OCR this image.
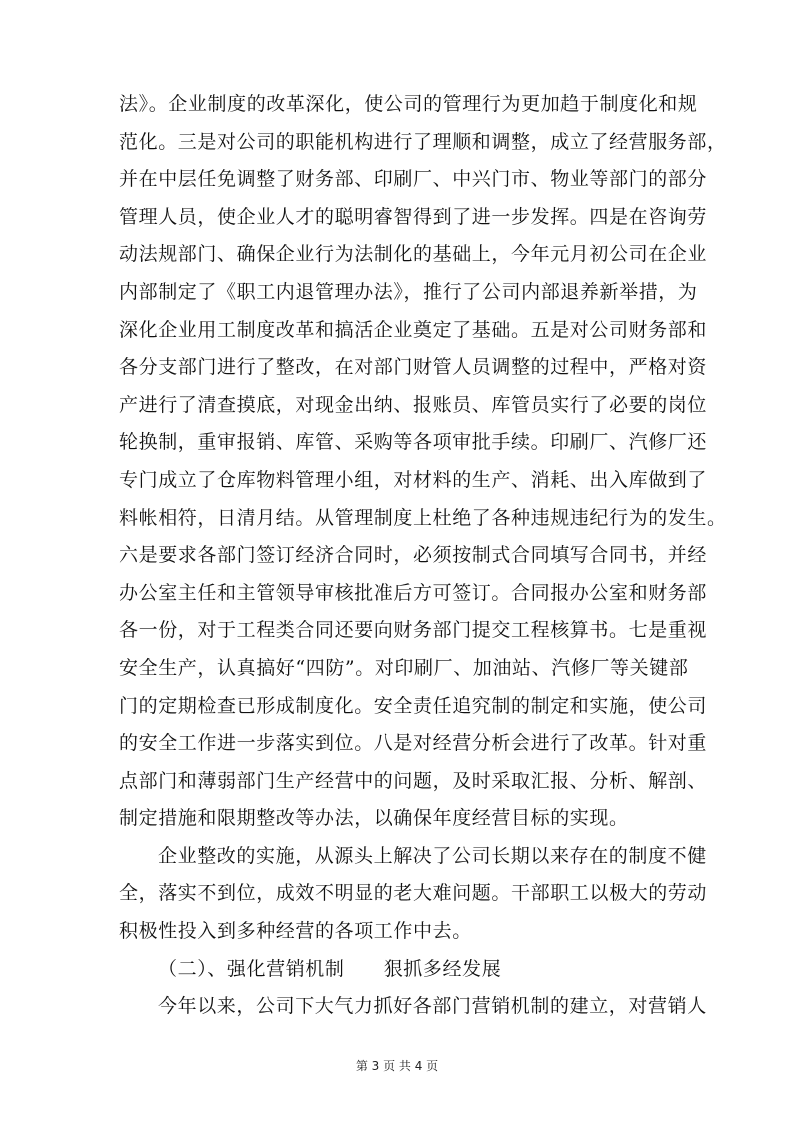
法》。企业制度的改革深化，使公司的管理行为更加趋于制度化和规
范化。三是对公司的职能机构进行了理顺和调整，成立了经营服务部，
并在中层任免调整了财务部、印刷厂、中兴门市、物业等部门的部分
管理人员，使企业人才的聪明睿智得到了进一步发挥。四是在咨询劳
动法规部门、确保企业行为法制化的基础上，今年元月初公司在企业
内部制定了《职工内退管理办法》，推行了公司内部退养新举措，为
深化企业用工制度改革和搞活企业奠定了基础。五是对公司财务部和
各分支部门进行了整改，在对部门财管人员调整的过程中，严格对资
产进行了清查摸底，对现金出纳、报账员、库管员实行了必要的岗位
轮换制，重审报销、库管、采购等各项审批手续。印刷厂、汽修厂还
专门成立了仓库物料管理小组，对材料的生产、消耗、出入库做到了
料帐相符，日清月结。从管理制度上杜绝了各种违规违纪行为的发生。
六是要求各部门签订经济合同时，必须按制式合同填写合同书，并经
办公室主任和主管领导审核批准后方可签订。合同报办公室和财务部
各一份，对于工程类合同还要向财务部门提交工程核算书。七是重视
安全生产，认真搞好“四防”。对印刷厂、加油站、汽修厂等关键部
门的定期检查已形成制度化。安全责任追究制的制定和实施，使公司
的安全工作进一步落实到位。八是对经营分析会进行了改革。针对重
点部门和薄弱部门生产经营中的问题，及时采取汇报、分析、解剖、
制定措施和限期整改等办法，以确保年度经营目标的实现。
企业整改的实施，从源头上解决了公司长期以来存在的制度不健
全，落实不到位，成效不明显的老大难问题。干部职工以极大的劳动
积极性投入到多种经营的各项工作中去。
（二）、强化营销机制　　狠抓多经发展
今年以来，公司下大气力抓好各部门营销机制的建立，对营销人
第 3 页 共 4 页
